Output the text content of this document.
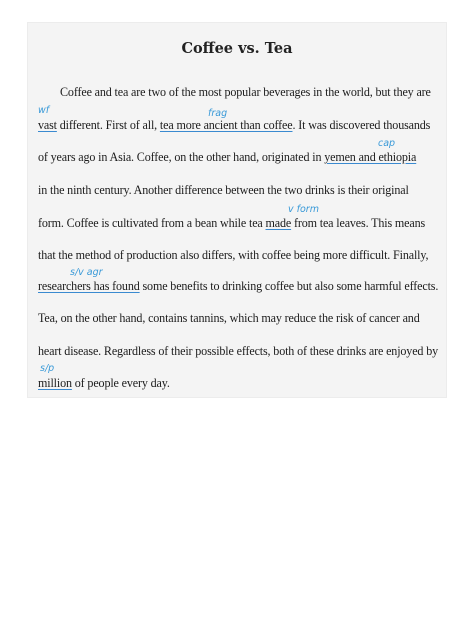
Coffee vs. Tea
wf	frag
cap
v form
s/v agr
s/p
Coffee and tea are two of the most popular beverages in the world, but they are
vast different. First of all, tea more ancient than coffee. It was discovered thousands
of years ago in Asia. Coffee, on the other hand, originated in yemen and ethiopia
in the ninth century. Another difference between the two drinks is their original
form. Coffee is cultivated from a bean while tea made from tea leaves. This means
that the method of production also differs, with coffee being more difficult. Finally,
researchers has found some benefits to drinking coffee but also some harmful effects.
Tea, on the other hand, contains tannins, which may reduce the risk of cancer and
heart disease. Regardless of their possible effects, both of these drinks are enjoyed by
million of people every day.
